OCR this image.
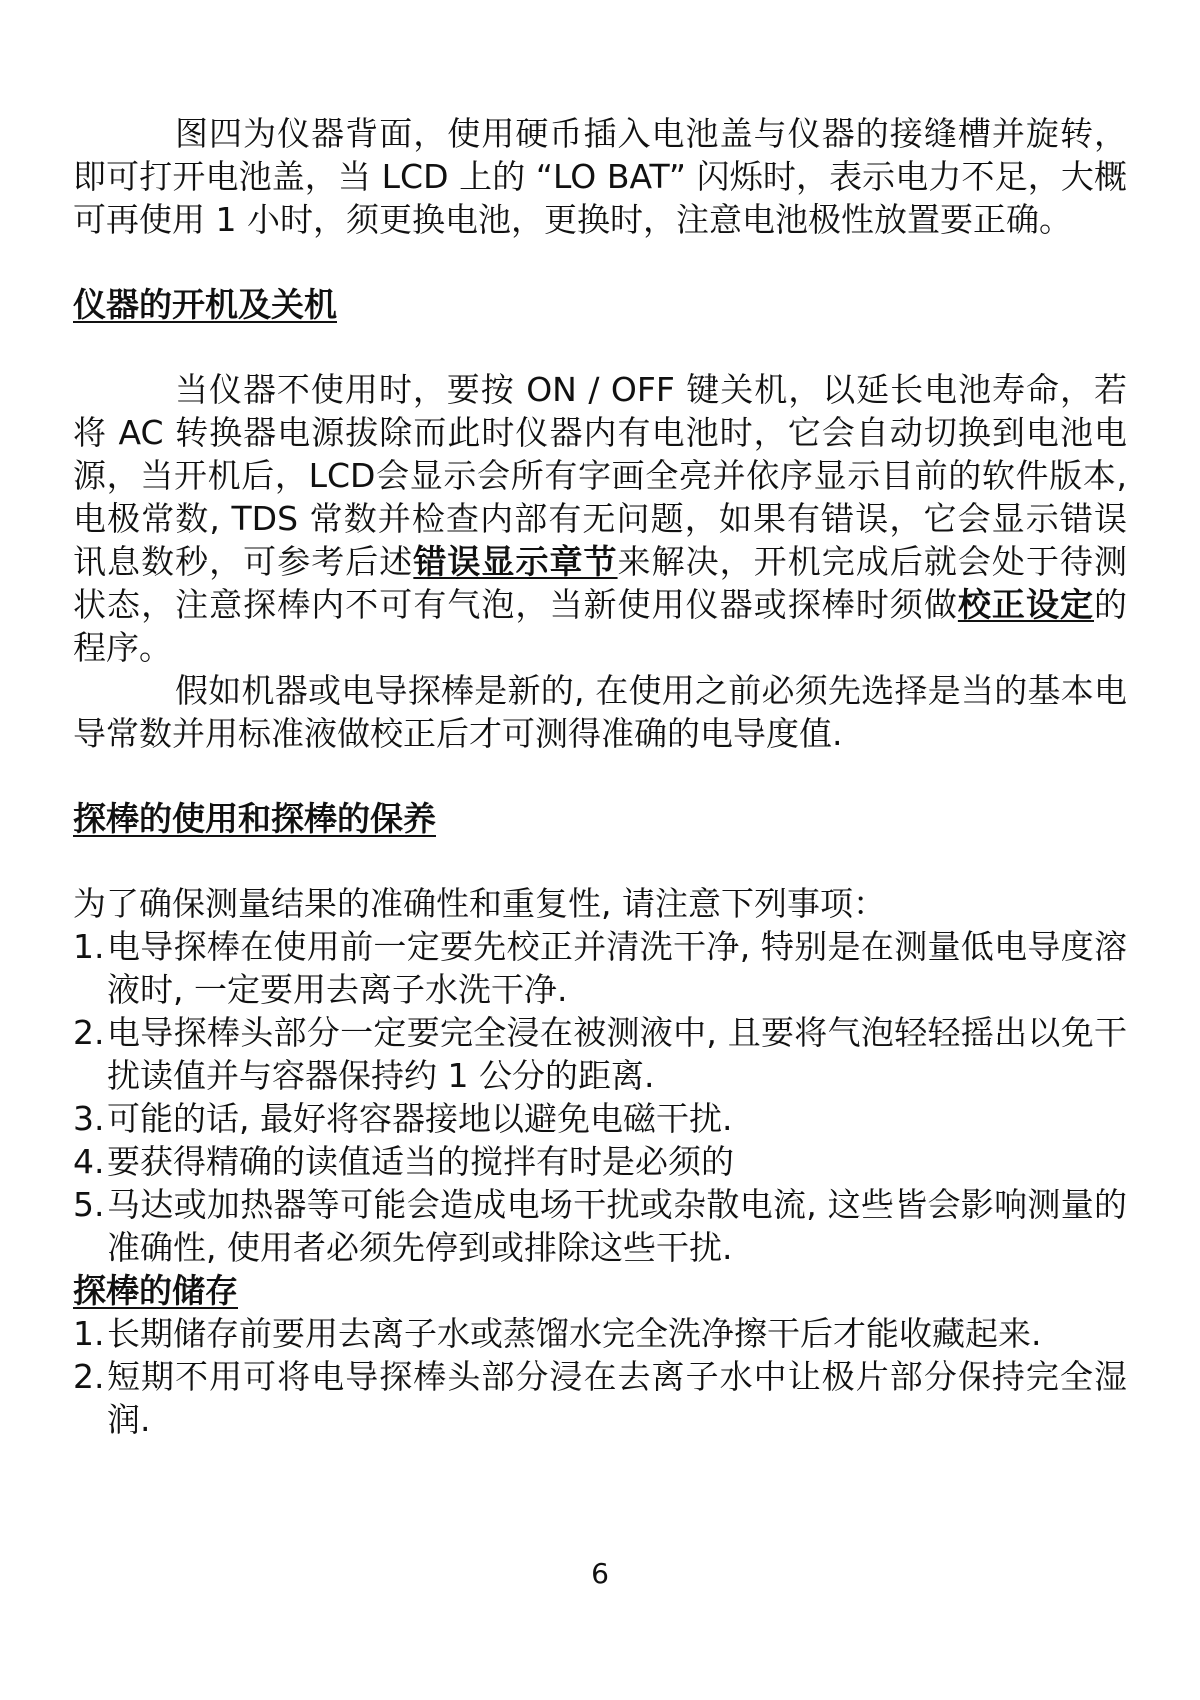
图四为仪器背面，使用硬币插入电池盖与仪器的接缝槽并旋转，即可打开电池盖，当 LCD 上的 “LO BAT” 闪烁时，表示电力不足，大概可再使用 1 小时，须更换电池，更换时，注意电池极性放置要正确。

仪器的开机及关机

当仪器不使用时，要按 ON / OFF 键关机，以延长电池寿命，若将 AC 转换器电源拔除而此时仪器内有电池时，它会自动切换到电池电源，当开机后，LCD会显示会所有字画全亮并依序显示目前的软件版本, 电极常数, TDS 常数并检查内部有无问题，如果有错误，它会显示错误讯息数秒，可参考后述错误显示章节来解决，开机完成后就会处于待测状态，注意探棒内不可有气泡，当新使用仪器或探棒时须做校正设定的程序。

假如机器或电导探棒是新的, 在使用之前必须先选择是当的基本电导常数并用标准液做校正后才可测得准确的电导度值.

探棒的使用和探棒的保养

为了确保测量结果的准确性和重复性, 请注意下列事项：

1. 电导探棒在使用前一定要先校正并清洗干净, 特别是在测量低电导度溶液时, 一定要用去离子水洗干净.
2. 电导探棒头部分一定要完全浸在被测液中, 且要将气泡轻轻摇出以免干扰读值并与容器保持约 1 公分的距离.
3. 可能的话, 最好将容器接地以避免电磁干扰.
4. 要获得精确的读值适当的搅拌有时是必须的
5. 马达或加热器等可能会造成电场干扰或杂散电流, 这些皆会影响测量的准确性, 使用者必须先停到或排除这些干扰.

探棒的储存

1. 长期储存前要用去离子水或蒸馏水完全洗净擦干后才能收藏起来.
2. 短期不用可将电导探棒头部分浸在去离子水中让极片部分保持完全湿润.
6
